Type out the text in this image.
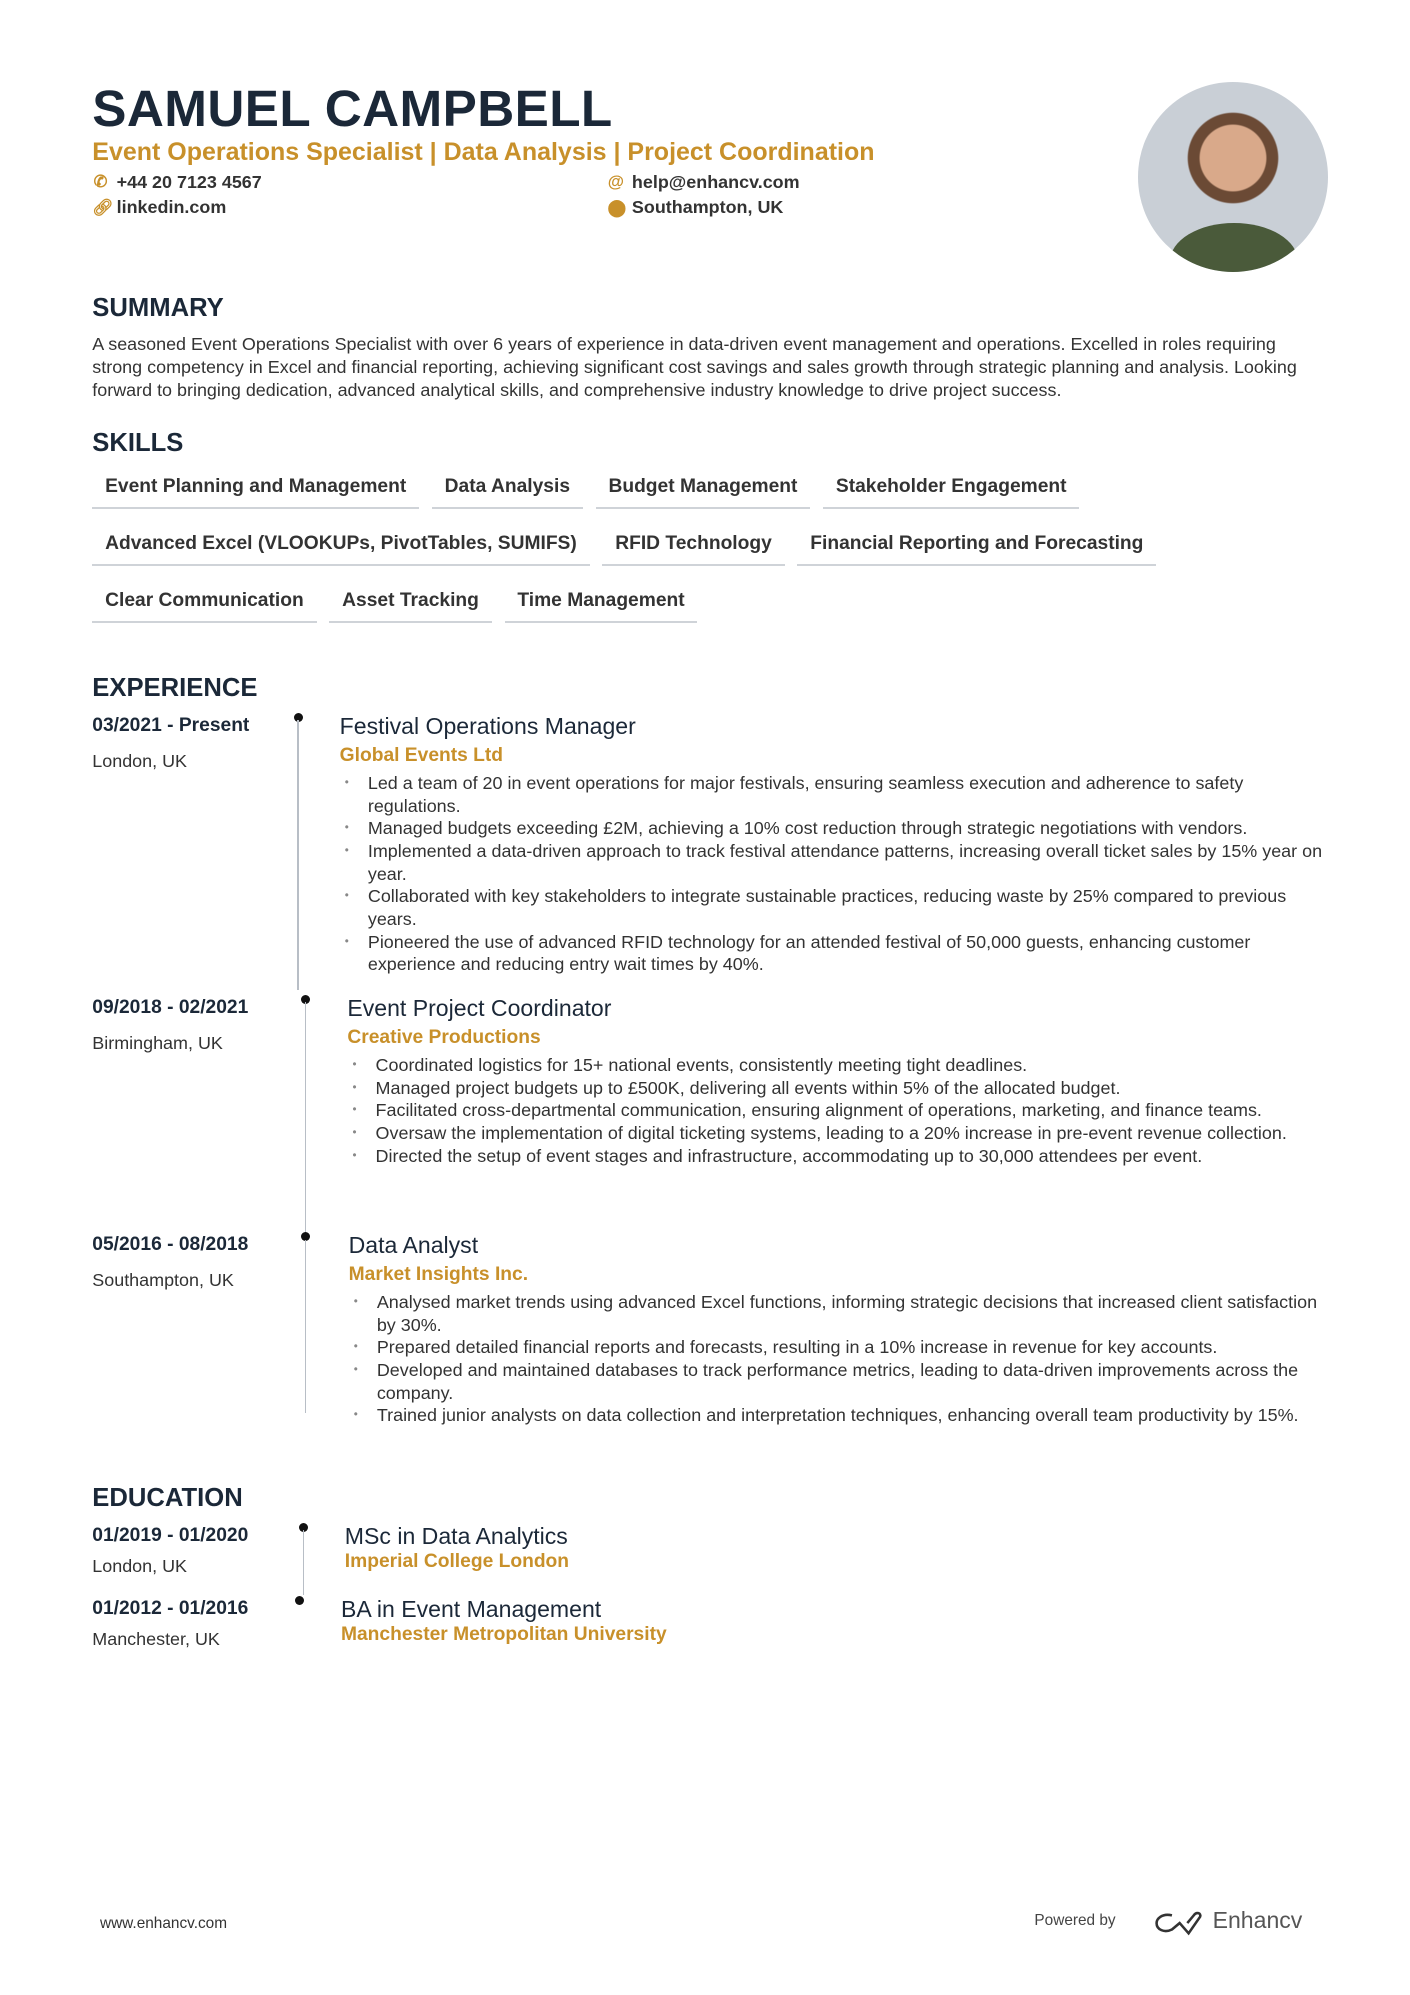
SAMUEL CAMPBELL
Event Operations Specialist | Data Analysis | Project Coordination
✆ +44 20 7123 4567
🔗︎ linkedin.com
@ help@enhancv.com
⬤ Southampton, UK
SUMMARY

A seasoned Event Operations Specialist with over 6 years of experience in data-driven event management and operations. Excelled in roles requiring strong competency in Excel and financial reporting, achieving significant cost savings and sales growth through strategic planning and analysis. Looking forward to bringing dedication, advanced analytical skills, and comprehensive industry knowledge to drive project success.

SKILLS
Event Planning and Management	Data Analysis	Budget Management	Stakeholder Engagement
Advanced Excel (VLOOKUPs, PivotTables, SUMIFS)	RFID Technology	Financial Reporting and Forecasting
Clear Communication	Asset Tracking	Time Management
EXPERIENCE
03/2021 - Present
London, UK
Festival Operations Manager
Global Events Ltd
• Led a team of 20 in event operations for major festivals, ensuring seamless execution and adherence to safety regulations.
• Managed budgets exceeding £2M, achieving a 10% cost reduction through strategic negotiations with vendors.
• Implemented a data-driven approach to track festival attendance patterns, increasing overall ticket sales by 15% year on year.
• Collaborated with key stakeholders to integrate sustainable practices, reducing waste by 25% compared to previous years.
• Pioneered the use of advanced RFID technology for an attended festival of 50,000 guests, enhancing customer experience and reducing entry wait times by 40%.
09/2018 - 02/2021
Birmingham, UK
Event Project Coordinator
Creative Productions
• Coordinated logistics for 15+ national events, consistently meeting tight deadlines.
• Managed project budgets up to £500K, delivering all events within 5% of the allocated budget.
• Facilitated cross-departmental communication, ensuring alignment of operations, marketing, and finance teams.
• Oversaw the implementation of digital ticketing systems, leading to a 20% increase in pre-event revenue collection.
• Directed the setup of event stages and infrastructure, accommodating up to 30,000 attendees per event.
05/2016 - 08/2018
Southampton, UK
Data Analyst
Market Insights Inc.
• Analysed market trends using advanced Excel functions, informing strategic decisions that increased client satisfaction by 30%.
• Prepared detailed financial reports and forecasts, resulting in a 10% increase in revenue for key accounts.
• Developed and maintained databases to track performance metrics, leading to data-driven improvements across the company.
• Trained junior analysts on data collection and interpretation techniques, enhancing overall team productivity by 15%.
EDUCATION
01/2019 - 01/2020
London, UK
MSc in Data Analytics
Imperial College London
01/2012 - 01/2016
Manchester, UK
BA in Event Management
Manchester Metropolitan University
www.enhancv.com	Powered by	Enhancv
